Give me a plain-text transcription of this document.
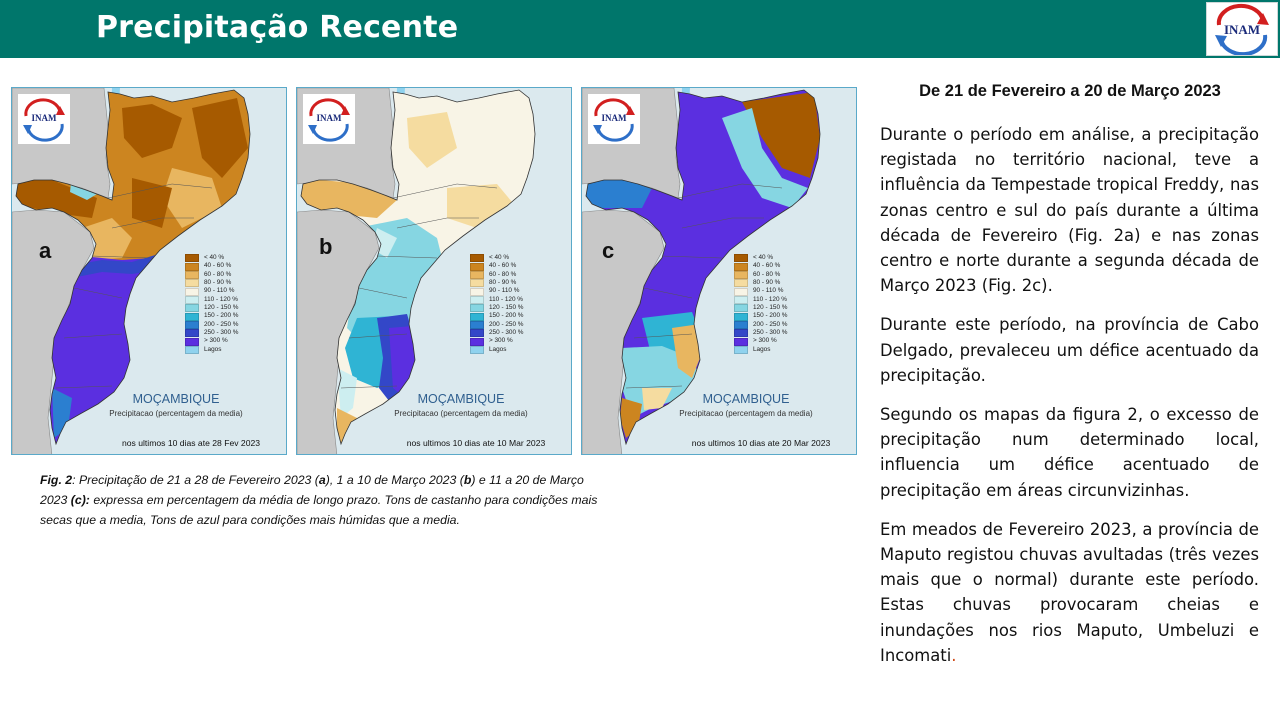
Precipitação Recente	INAM
INAM
a	< 40 %
40 - 60 %
60 - 80 %
80 - 90 %
90 - 110 %
110 - 120 %
120 - 150 %
150 - 200 %
200 - 250 %
250 - 300 %
> 300 %
Lagos
MOÇAMBIQUE
Precipitacao (percentagem da media)
nos ultimos 10 dias ate 28 Fev 2023
INAM
b	< 40 %
40 - 60 %
60 - 80 %
80 - 90 %
90 - 110 %
110 - 120 %
120 - 150 %
150 - 200 %
200 - 250 %
250 - 300 %
> 300 %
Lagos
MOÇAMBIQUE
Precipitacao (percentagem da media)
nos ultimos 10 dias ate 10 Mar 2023
INAM
c	< 40 %
40 - 60 %
60 - 80 %
80 - 90 %
90 - 110 %
110 - 120 %
120 - 150 %
150 - 200 %
200 - 250 %
250 - 300 %
> 300 %
Lagos
MOÇAMBIQUE
Precipitacao (percentagem da media)
nos ultimos 10 dias ate 20 Mar 2023
Fig. 2: Precipitação de 21 a 28 de Fevereiro 2023 (a), 1 a 10 de Março 2023 (b) e 11 a 20 de Março 2023 (c): expressa em percentagem da média de longo prazo. Tons de castanho para condições mais secas que a media, Tons de azul para condições mais húmidas que a media.
De 21 de Fevereiro a 20 de Março 2023

Durante o período em análise, a precipitação registada no território nacional, teve a influência da Tempestade tropical Freddy, nas zonas centro e sul do país durante a última década de Fevereiro (Fig. 2a) e nas zonas centro e norte durante a segunda década de Março 2023 (Fig. 2c).

Durante este período, na província de Cabo Delgado, prevaleceu um défice acentuado da precipitação.

Segundo os mapas da figura 2, o excesso de precipitação num determinado local, influencia um défice acentuado de precipitação em áreas circunvizinhas.

Em meados de Fevereiro 2023, a província de Maputo registou chuvas avultadas (três vezes mais que o normal) durante este período. Estas chuvas provocaram cheias e inundações nos rios Maputo, Umbeluzi e Incomati.
